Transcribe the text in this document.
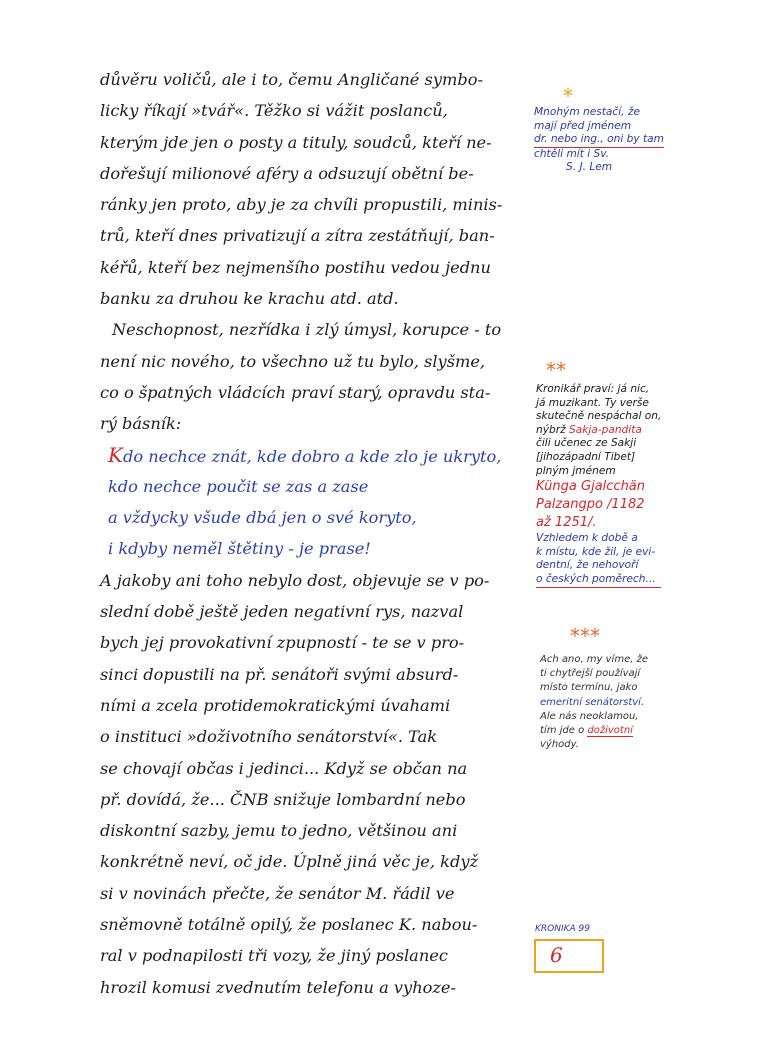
důvěru voličů, ale i to, čemu Angličané symbo-
licky říkají »tvář«. Těžko si vážit poslanců,
kterým jde jen o posty a tituly, soudců, kteří ne-
dořešují milionové aféry a odsuzují obětní be-
ránky jen proto, aby je za chvíli propustili, minis-
trů, kteří dnes privatizují a zítra zestátňují, ban-
kéřů, kteří bez nejmenšího postihu vedou jednu
banku za druhou ke krachu atd. atd.
Neschopnost, nezřídka i zlý úmysl, korupce - to
není nic nového, to všechno už tu bylo, slyšme,
co o špatných vládcích praví starý, opravdu sta-
rý básník:
Kdo nechce znát, kde dobro a kde zlo je ukryto,
kdo nechce poučit se zas a zase
a vždycky všude dbá jen o své koryto,
i kdyby neměl štětiny - je prase!
A jakoby ani toho nebylo dost, objevuje se v po-
slední době ještě jeden negativní rys, nazval
bych jej provokativní zpupností - te se v pro-
sinci dopustili na př. senátoři svými absurd-
ními a zcela protidemokratickými úvahami
o instituci »doživotního senátorství«. Tak
se chovají občas i jedinci... Když se občan na
př. dovídá, že... ČNB snižuje lombardní nebo
diskontní sazby, jemu to jedno, většinou ani
konkrétně neví, oč jde. Úplně jiná věc je, když
si v novinách přečte, že senátor M. řádil ve
sněmovně totálně opilý, že poslanec K. nabou-
ral v podnapilosti tři vozy, že jiný poslanec
hrozil komusi zvednutím telefonu a vyhoze-
*
Mnohým nestačí, že
mají před jménem
dr. nebo ing., oni by tam
chtěli mít i Sv.
S. J. Lem
**
Kronikář praví: já nic,
já muzikant. Ty verše
skutečně nespáchal on,
nýbrž Sakja-pandita
čili učenec ze Sakji
[jihozápadní Tibet]
plným jménem
Künga Gjalcchän
Palzangpo /1182
až 1251/.
Vzhledem k době a
k místu, kde žil, je evi-
dentní, že nehovoří
o českých poměrech...
***
Ach ano, my víme, že
ti chytřejší používají
místo termínu, jako
emeritní senátorství.
Ale nás neoklamou,
tím jde o doživotní
výhody.
KRONIKA 99
6
